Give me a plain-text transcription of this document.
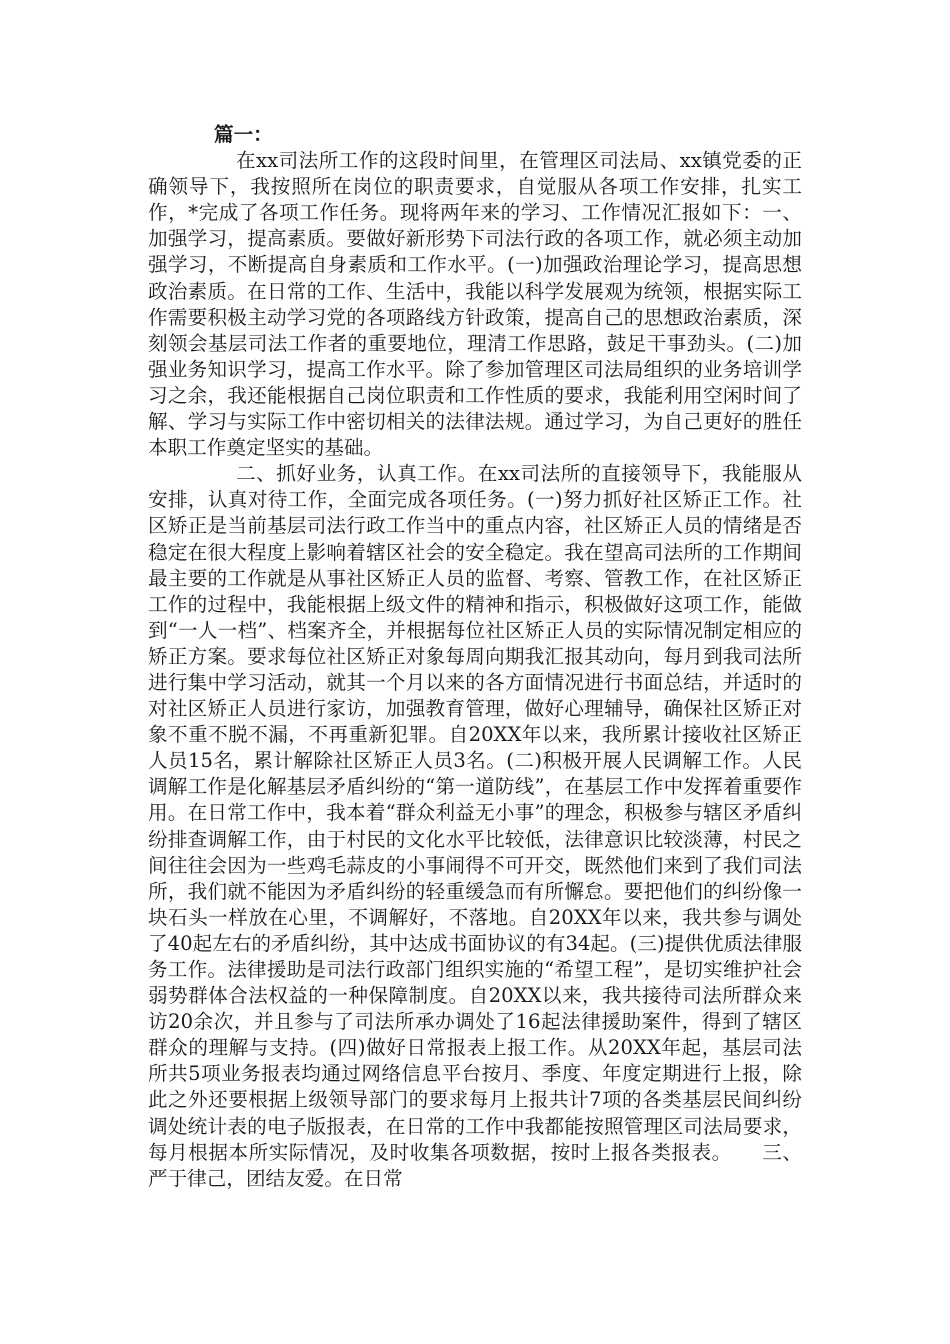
篇一：

在xx司法所工作的这段时间里，在管理区司法局、xx镇党委的正确领导下，我按照所在岗位的职责要求，自觉服从各项工作安排，扎实工作，*完成了各项工作任务。现将两年来的学习、工作情况汇报如下：一、加强学习，提高素质。要做好新形势下司法行政的各项工作，就必须主动加强学习，不断提高自身素质和工作水平。(一)加强政治理论学习，提高思想政治素质。在日常的工作、生活中，我能以科学发展观为统领，根据实际工作需要积极主动学习党的各项路线方针政策，提高自己的思想政治素质，深刻领会基层司法工作者的重要地位，理清工作思路，鼓足干事劲头。(二)加强业务知识学习，提高工作水平。除了参加管理区司法局组织的业务培训学习之余，我还能根据自己岗位职责和工作性质的要求，我能利用空闲时间了解、学习与实际工作中密切相关的法律法规。通过学习，为自己更好的胜任本职工作奠定坚实的基础。

二、抓好业务，认真工作。在xx司法所的直接领导下，我能服从安排，认真对待工作，全面完成各项任务。(一)努力抓好社区矫正工作。社区矫正是当前基层司法行政工作当中的重点内容，社区矫正人员的情绪是否稳定在很大程度上影响着辖区社会的安全稳定。我在望高司法所的工作期间最主要的工作就是从事社区矫正人员的监督、考察、管教工作，在社区矫正工作的过程中，我能根据上级文件的精神和指示，积极做好这项工作，能做到“一人一档”、档案齐全，并根据每位社区矫正人员的实际情况制定相应的矫正方案。要求每位社区矫正对象每周向期我汇报其动向，每月到我司法所进行集中学习活动，就其一个月以来的各方面情况进行书面总结，并适时的对社区矫正人员进行家访，加强教育管理，做好心理辅导，确保社区矫正对象不重不脱不漏，不再重新犯罪。自20XX年以来，我所累计接收社区矫正人员15名，累计解除社区矫正人员3名。(二)积极开展人民调解工作。人民调解工作是化解基层矛盾纠纷的“第一道防线”，在基层工作中发挥着重要作用。在日常工作中，我本着“群众利益无小事”的理念，积极参与辖区矛盾纠纷排查调解工作，由于村民的文化水平比较低，法律意识比较淡薄，村民之间往往会因为一些鸡毛蒜皮的小事闹得不可开交，既然他们来到了我们司法所，我们就不能因为矛盾纠纷的轻重缓急而有所懈怠。要把他们的纠纷像一块石头一样放在心里，不调解好，不落地。自20XX年以来，我共参与调处了40起左右的矛盾纠纷，其中达成书面协议的有34起。(三)提供优质法律服务工作。法律援助是司法行政部门组织实施的“希望工程”，是切实维护社会弱势群体合法权益的一种保障制度。自20XX以来，我共接待司法所群众来访20余次，并且参与了司法所承办调处了16起法律援助案件，得到了辖区群众的理解与支持。(四)做好日常报表上报工作。从20XX年起，基层司法所共5项业务报表均通过网络信息平台按月、季度、年度定期进行上报，除此之外还要根据上级领导部门的要求每月上报共计7项的各类基层民间纠纷调处统计表的电子版报表，在日常的工作中我都能按照管理区司法局要求，每月根据本所实际情况，及时收集各项数据，按时上报各类报表。　　三、严于律己，团结友爱。在日常
